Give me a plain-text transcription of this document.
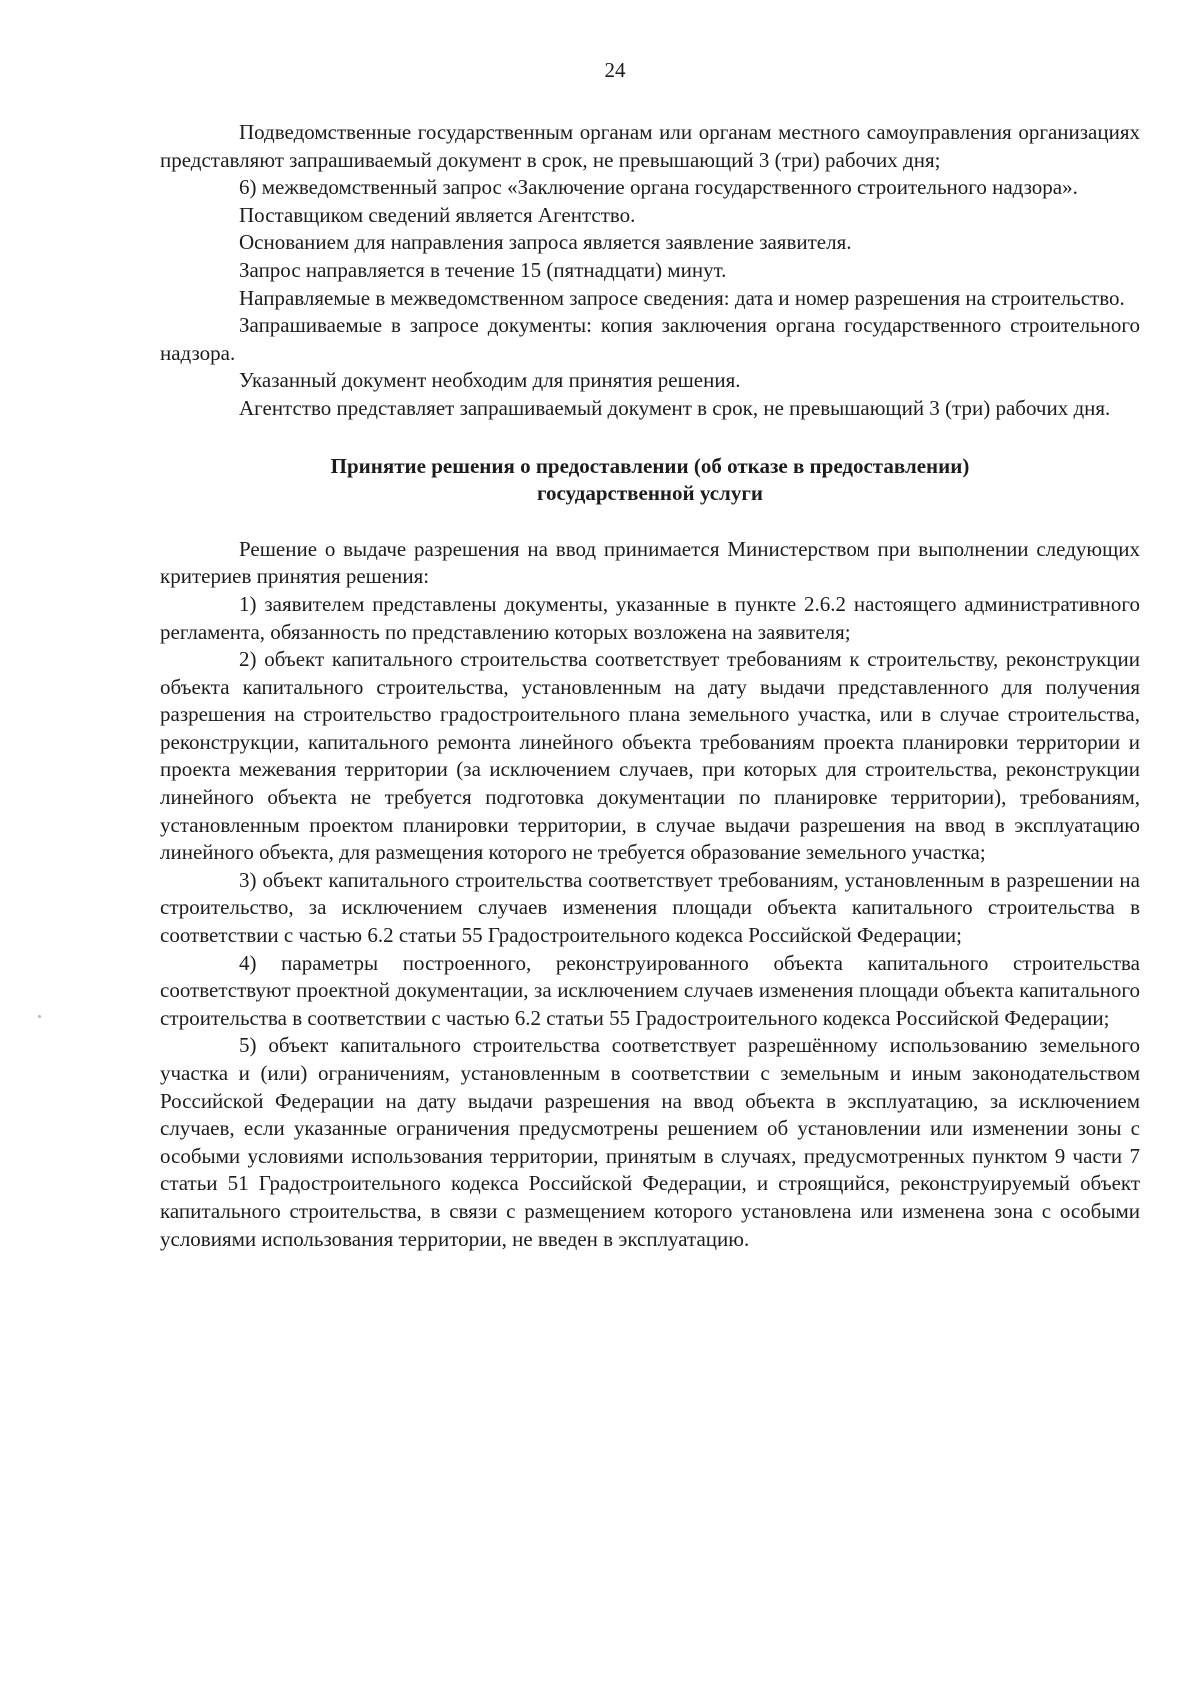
24

Подведомственные государственным органам или органам местного самоуправления организациях представляют запрашиваемый документ в срок, не превышающий 3 (три) рабочих дня;

6) межведомственный запрос «Заключение органа государственного строительного надзора».

Поставщиком сведений является Агентство.

Основанием для направления запроса является заявление заявителя.

Запрос направляется в течение 15 (пятнадцати) минут.

Направляемые в межведомственном запросе сведения: дата и номер разрешения на строительство.

Запрашиваемые в запросе документы: копия заключения органа государственного строительного надзора.

Указанный документ необходим для принятия решения.

Агентство представляет запрашиваемый документ в срок, не превышающий 3 (три) рабочих дня.

Принятие решения о предоставлении (об отказе в предоставлении)
государственной услуги

Решение о выдаче разрешения на ввод принимается Министерством при выполнении следующих критериев принятия решения:

1) заявителем представлены документы, указанные в пункте 2.6.2 настоящего административного регламента, обязанность по представлению которых возложена на заявителя;

2) объект капитального строительства соответствует требованиям к строительству, реконструкции объекта капитального строительства, установленным на дату выдачи представленного для получения разрешения на строительство градостроительного плана земельного участка, или в случае строительства, реконструкции, капитального ремонта линейного объекта требованиям проекта планировки территории и проекта межевания территории (за исключением случаев, при которых для строительства, реконструкции линейного объекта не требуется подготовка документации по планировке территории), требованиям, установленным проектом планировки территории, в случае выдачи разрешения на ввод в эксплуатацию линейного объекта, для размещения которого не требуется образование земельного участка;

3) объект капитального строительства соответствует требованиям, установленным в разрешении на строительство, за исключением случаев изменения площади объекта капитального строительства в соответствии с частью 6.2 статьи 55 Градостроительного кодекса Российской Федерации;

4) параметры построенного, реконструированного объекта капитального строительства соответствуют проектной документации, за исключением случаев изменения площади объекта капитального строительства в соответствии с частью 6.2 статьи 55 Градостроительного кодекса Российской Федерации;

5) объект капитального строительства соответствует разрешённому использованию земельного участка и (или) ограничениям, установленным в соответствии с земельным и иным законодательством Российской Федерации на дату выдачи разрешения на ввод объекта в эксплуатацию, за исключением случаев, если указанные ограничения предусмотрены решением об установлении или изменении зоны с особыми условиями использования территории, принятым в случаях, предусмотренных пунктом 9 части 7 статьи 51 Градостроительного кодекса Российской Федерации, и строящийся, реконструируемый объект капитального строительства, в связи с размещением которого установлена или изменена зона с особыми условиями использования территории, не введен в эксплуатацию.
